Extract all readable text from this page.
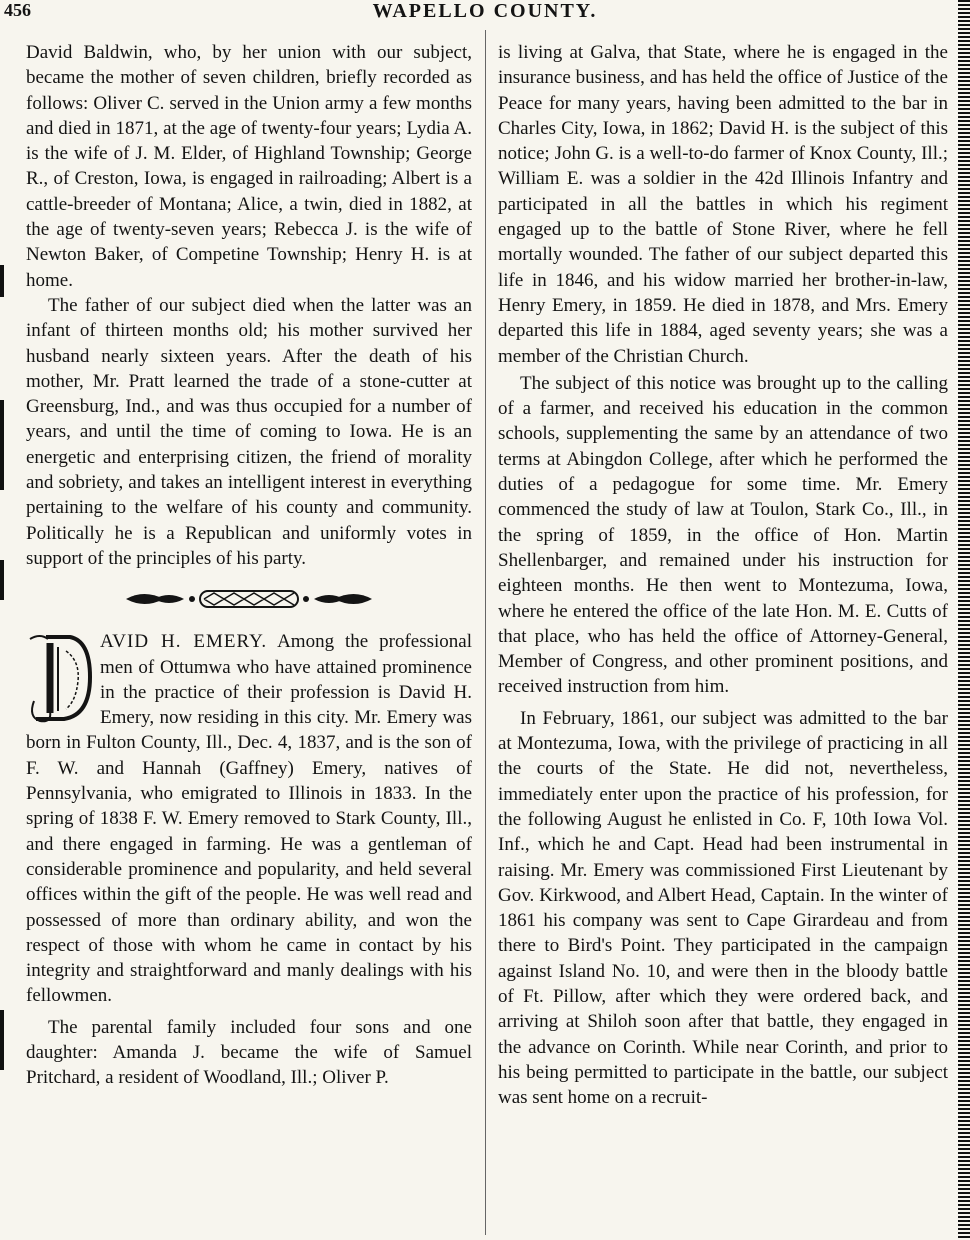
456	WAPELLO COUNTY.

David Baldwin, who, by her union with our subject, became the mother of seven children, briefly recorded as follows: Oliver C. served in the Union army a few months and died in 1871, at the age of twenty-four years; Lydia A. is the wife of J. M. Elder, of Highland Township; George R., of Creston, Iowa, is engaged in railroading; Albert is a cattle-breeder of Montana; Alice, a twin, died in 1882, at the age of twenty-seven years; Rebecca J. is the wife of Newton Baker, of Competine Township; Henry H. is at home.

The father of our subject died when the latter was an infant of thirteen months old; his mother survived her husband nearly sixteen years. After the death of his mother, Mr. Pratt learned the trade of a stone-cutter at Greensburg, Ind., and was thus occupied for a number of years, and until the time of coming to Iowa. He is an energetic and enterprising citizen, the friend of morality and sobriety, and takes an intelligent interest in everything pertaining to the welfare of his county and community. Politically he is a Republican and uniformly votes in support of the principles of his party.

AVID H. EMERY. Among the professional men of Ottumwa who have attained prominence in the practice of their profession is David H. Emery, now residing in this city. Mr. Emery was born in Fulton County, Ill., Dec. 4, 1837, and is the son of F. W. and Hannah (Gaffney) Emery, natives of Pennsylvania, who emigrated to Illinois in 1833. In the spring of 1838 F. W. Emery removed to Stark County, Ill., and there engaged in farming. He was a gentleman of considerable prominence and popularity, and held several offices within the gift of the people. He was well read and possessed of more than ordinary ability, and won the respect of those with whom he came in contact by his integrity and straightforward and manly dealings with his fellowmen.

The parental family included four sons and one daughter: Amanda J. became the wife of Samuel Pritchard, a resident of Woodland, Ill.; Oliver P.

is living at Galva, that State, where he is engaged in the insurance business, and has held the office of Justice of the Peace for many years, having been admitted to the bar in Charles City, Iowa, in 1862; David H. is the subject of this notice; John G. is a well-to-do farmer of Knox County, Ill.; William E. was a soldier in the 42d Illinois Infantry and participated in all the battles in which his regiment engaged up to the battle of Stone River, where he fell mortally wounded. The father of our subject departed this life in 1846, and his widow married her brother-in-law, Henry Emery, in 1859. He died in 1878, and Mrs. Emery departed this life in 1884, aged seventy years; she was a member of the Christian Church.

The subject of this notice was brought up to the calling of a farmer, and received his education in the common schools, supplementing the same by an attendance of two terms at Abingdon College, after which he performed the duties of a pedagogue for some time. Mr. Emery commenced the study of law at Toulon, Stark Co., Ill., in the spring of 1859, in the office of Hon. Martin Shellenbarger, and remained under his instruction for eighteen months. He then went to Montezuma, Iowa, where he entered the office of the late Hon. M. E. Cutts of that place, who has held the office of Attorney-General, Member of Congress, and other prominent positions, and received instruction from him.

In February, 1861, our subject was admitted to the bar at Montezuma, Iowa, with the privilege of practicing in all the courts of the State. He did not, nevertheless, immediately enter upon the practice of his profession, for the following August he enlisted in Co. F, 10th Iowa Vol. Inf., which he and Capt. Head had been instrumental in raising. Mr. Emery was commissioned First Lieutenant by Gov. Kirkwood, and Albert Head, Captain. In the winter of 1861 his company was sent to Cape Girardeau and from there to Bird's Point. They participated in the campaign against Island No. 10, and were then in the bloody battle of Ft. Pillow, after which they were ordered back, and arriving at Shiloh soon after that battle, they engaged in the advance on Corinth. While near Corinth, and prior to his being permitted to participate in the battle, our subject was sent home on a recruit-
